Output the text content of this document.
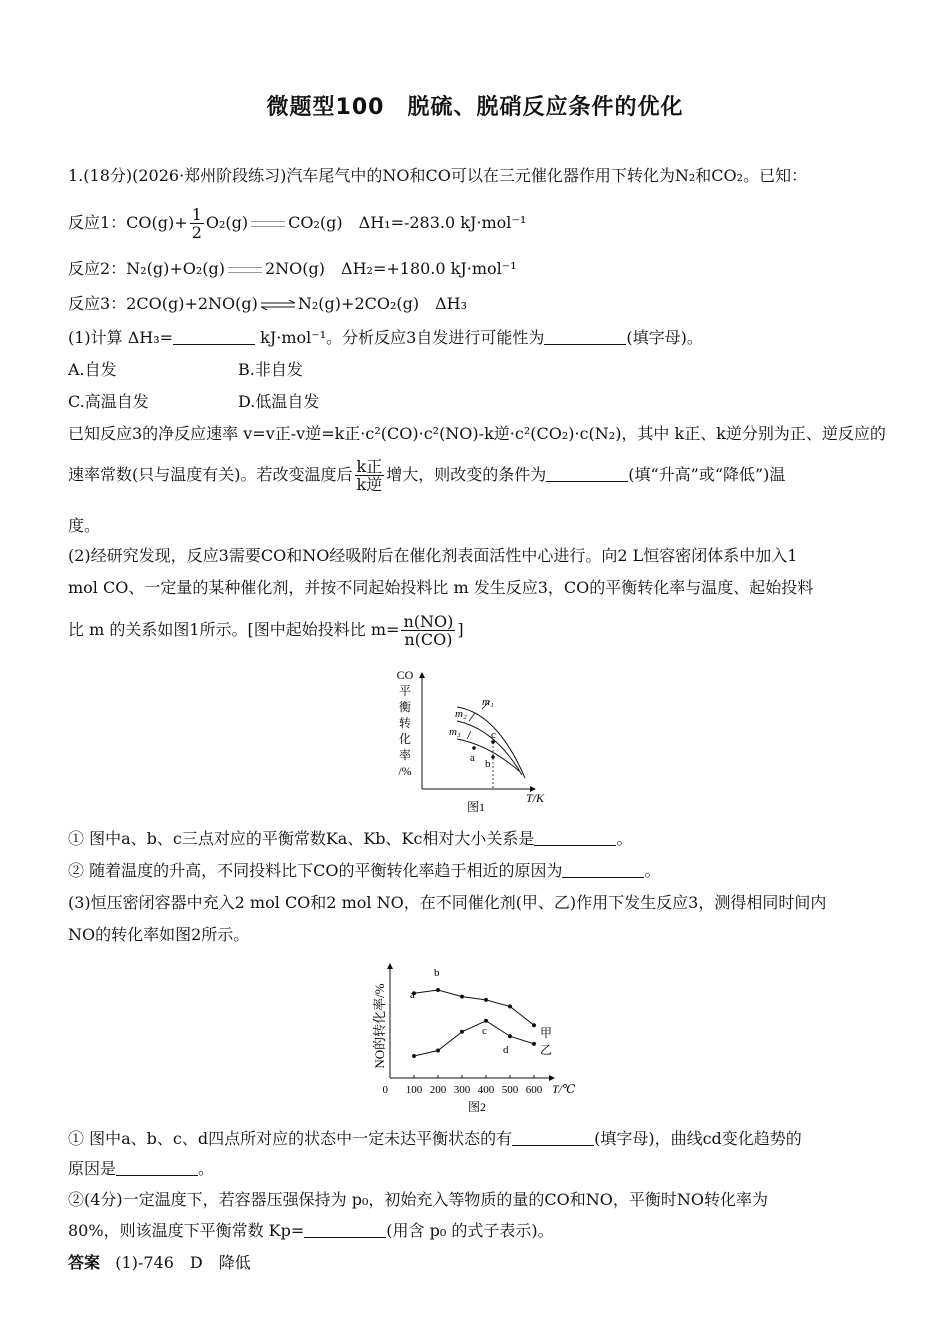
微题型100　脱硫、脱硝反应条件的优化
1.(18分)(2026·郑州阶段练习)汽车尾气中的NO和CO可以在三元催化器作用下转化为N₂和CO₂。已知：
反应1：$CO(g)+ \frac{1}{2} O_2(g)$	CO₂(g)　ΔH₁=-283.0 kJ·mol⁻¹
反应2：N₂(g)+O₂(g)	2NO(g)　ΔH₂=+180.0 kJ·mol⁻¹
反应3：2CO(g)+2NO(g) ⇌ N₂(g)+2CO₂(g)　ΔH₃
(1)计算 ΔH₃=	kJ·mol⁻¹。分析反应3自发进行可能性为	(填字母)。
A.自发	B.非自发
C.高温自发	D.低温自发
已知反应3的净反应速率 v=v正-v逆=k正·c²(CO)·c²(NO)-k逆·c²(CO₂)·c(N₂)，其中 k正、k逆分别为正、逆反应的
速率常数(只与温度有关)。若改变温度后 $\frac{\text{k正}}{\text{k逆}}$ 增大，则改变的条件为	(填“升高”或“降低”)温
度。
(2)经研究发现，反应3需要CO和NO经吸附后在催化剂表面活性中心进行。向2 L恒容密闭体系中加入1
mol CO、一定量的某种催化剂，并按不同起始投料比 m 发生反应3，CO的平衡转化率与温度、起始投料
比 m 的关系如图1所示。[图中起始投料比 $m= \frac{n(NO)}{n(CO)}$ ]
CO
平
衡
转
化
率
/%
m₁
m₂
m₃
a b
c
T/K
图1
① 图中a、b、c三点对应的平衡常数Ka、Kb、Kc相对大小关系是	。
② 随着温度的升高，不同投料比下CO的平衡转化率趋于相近的原因为	。
(3)恒压密闭容器中充入2 mol CO和2 mol NO，在不同催化剂(甲、乙)作用下发生反应3，测得相同时间内
NO的转化率如图2所示。
NO的转化率/%
0 100 200 300 400 500 600
a
b
c
d
甲
乙
T/℃
图2
① 图中a、b、c、d四点所对应的状态中一定未达平衡状态的有	(填字母)，曲线cd变化趋势的
原因是	。
②(4分)一定温度下，若容器压强保持为 p₀，初始充入等物质的量的CO和NO，平衡时NO转化率为
80%，则该温度下平衡常数 Kp=	(用含 p₀ 的式子表示)。
答案 (1)-746　D　降低
